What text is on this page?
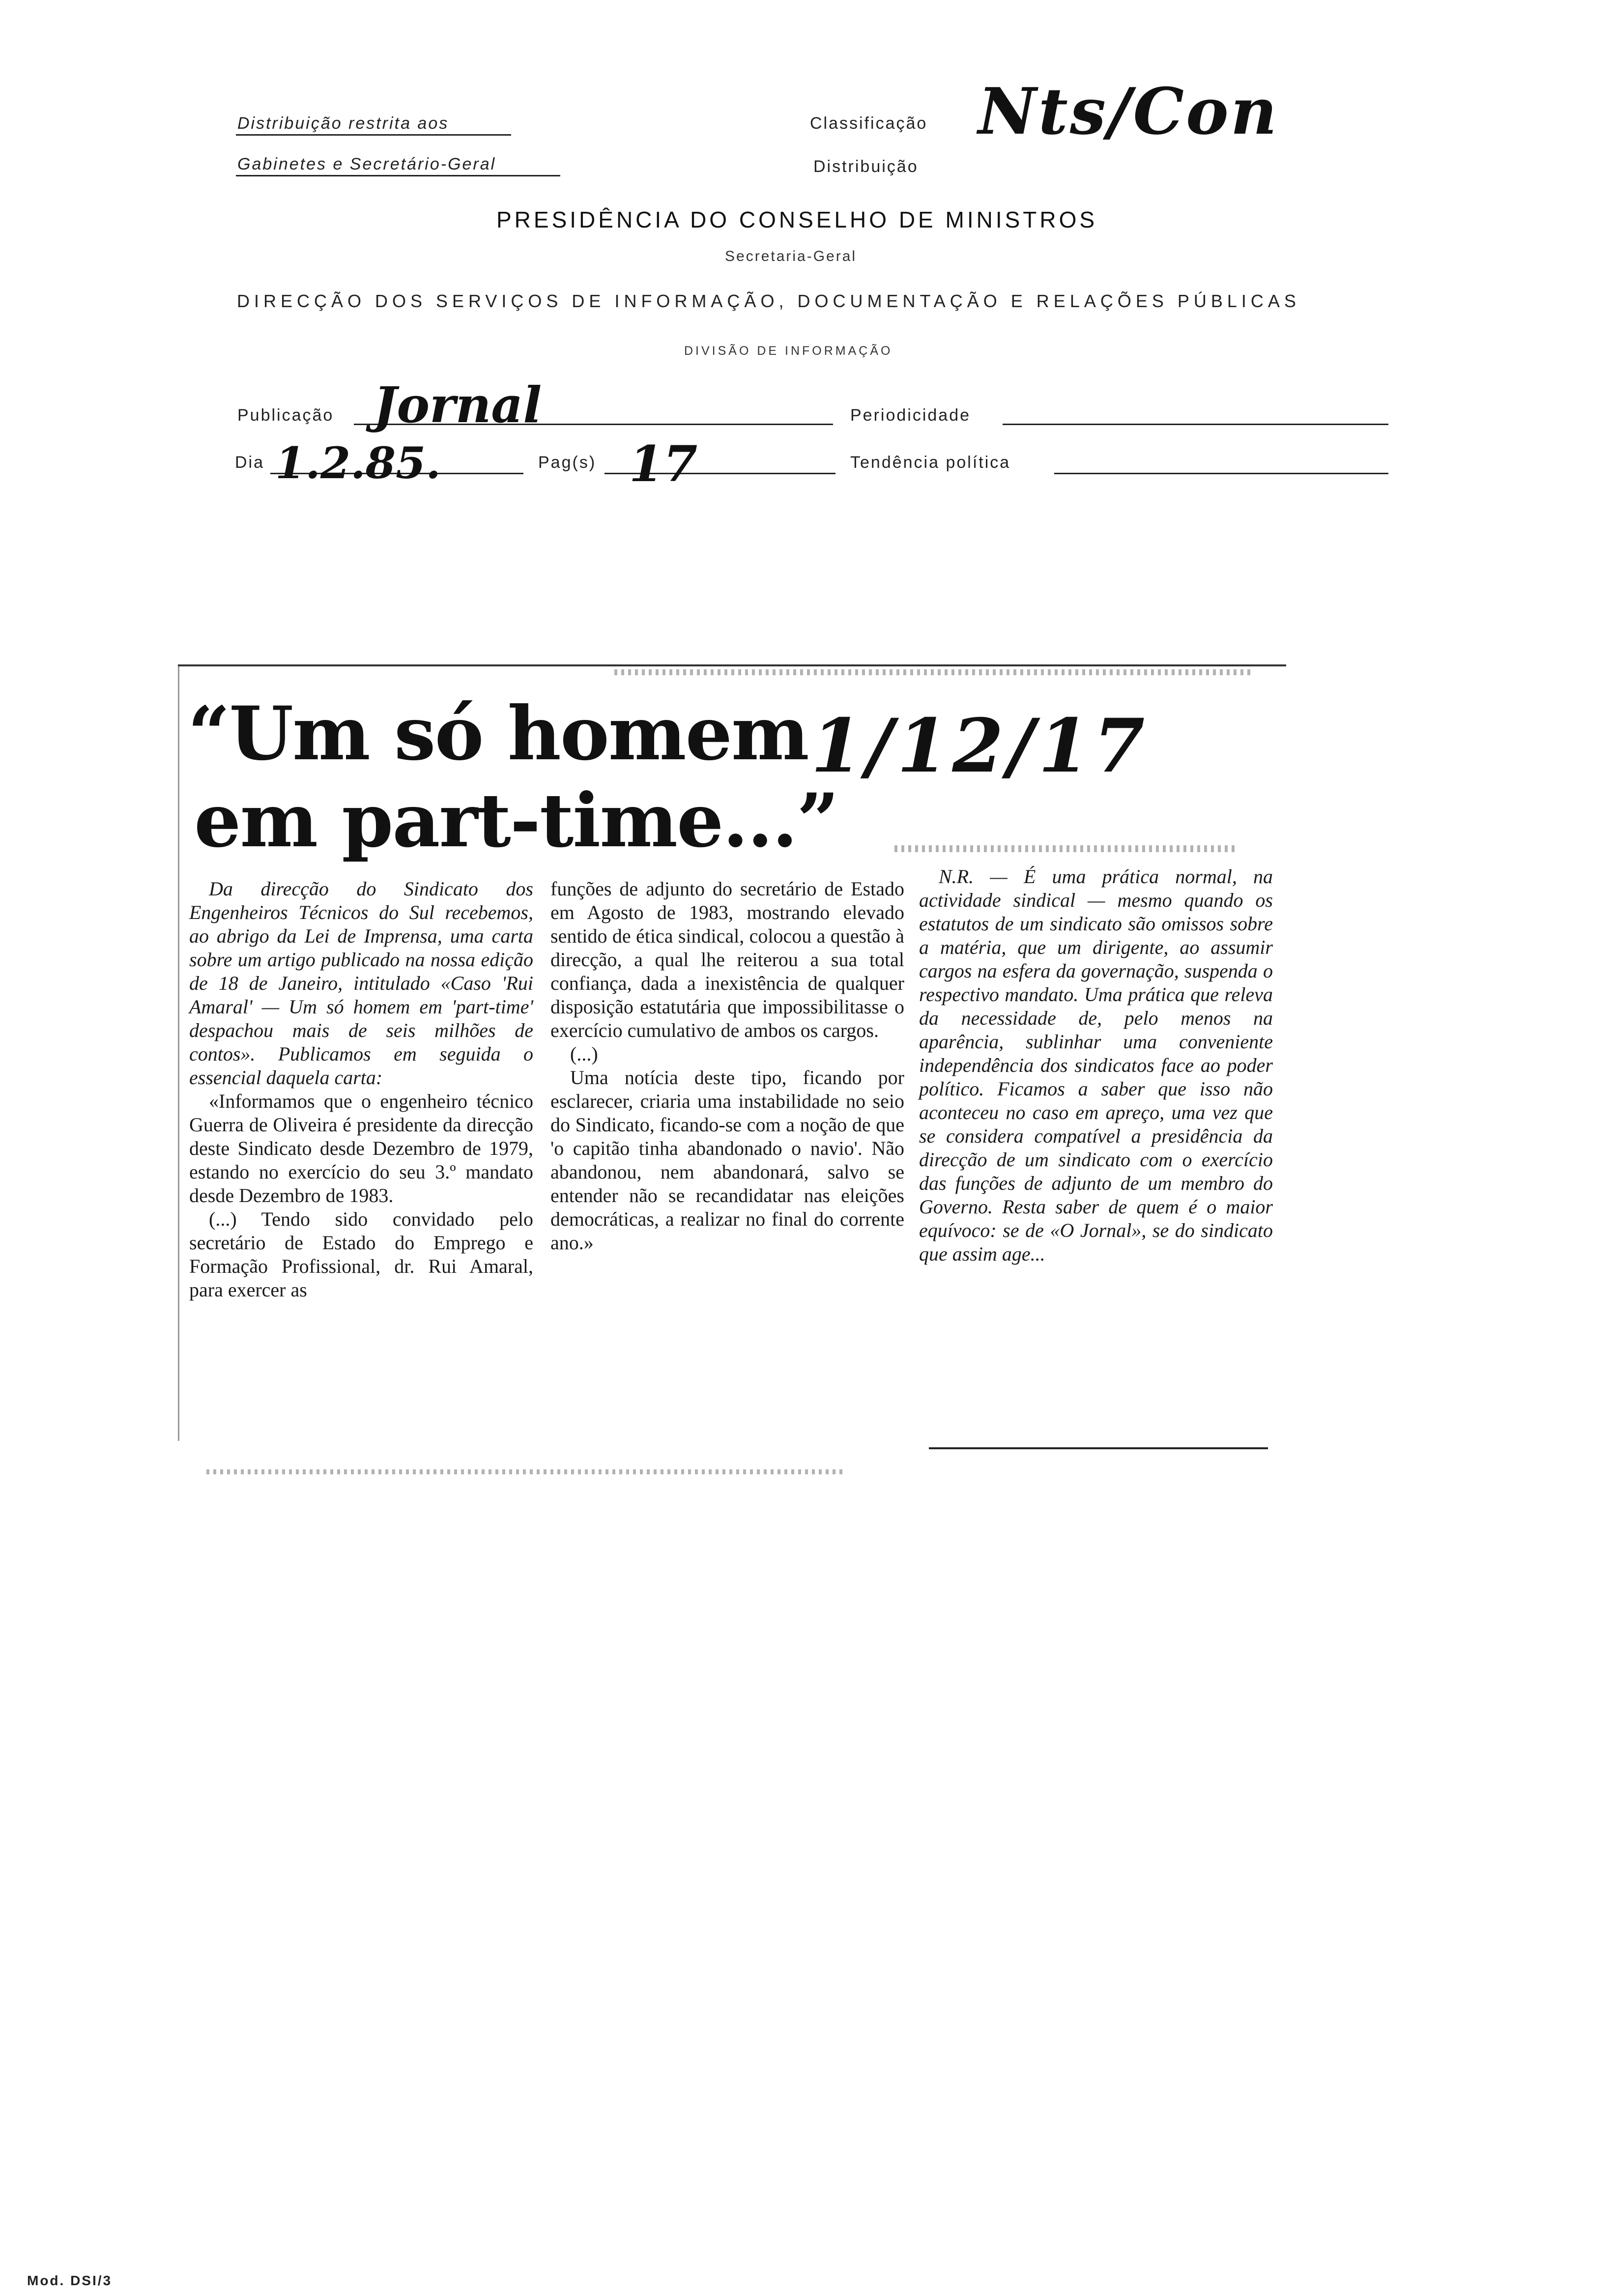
Distribuição restrita aos
Gabinetes e Secretário-Geral
Classificação Nts/Con
Distribuição
PRESIDÊNCIA DO CONSELHO DE MINISTROS
Secretaria-Geral
DIRECÇÃO DOS SERVIÇOS DE INFORMAÇÃO, DOCUMENTAÇÃO E RELAÇÕES PÚBLICAS
DIVISÃO DE INFORMAÇÃO
Publicação Jornal	Periodicidade
Dia 1.2.85.	Pag(s) 17	Tendência política
“Um só homem
em part-time...”
1/12/17

Da direcção do Sindicato dos Engenheiros Técnicos do Sul recebemos, ao abrigo da Lei de Imprensa, uma carta sobre um artigo publicado na nossa edição de 18 de Janeiro, intitulado «Caso 'Rui Amaral' — Um só homem em 'part-time' despachou mais de seis milhões de contos». Publicamos em seguida o essencial daquela carta:

«Informamos que o engenheiro técnico Guerra de Oliveira é presidente da direcção deste Sindicato desde Dezembro de 1979, estando no exercício do seu 3.º mandato desde Dezembro de 1983.

(...) Tendo sido convidado pelo secretário de Estado do Emprego e Formação Profissional, dr. Rui Amaral, para exercer as

funções de adjunto do secretário de Estado em Agosto de 1983, mostrando elevado sentido de ética sindical, colocou a questão à direcção, a qual lhe reiterou a sua total confiança, dada a inexistência de qualquer disposição estatutária que impossibilitasse o exercício cumulativo de ambos os cargos.

(...)

Uma notícia deste tipo, ficando por esclarecer, criaria uma instabilidade no seio do Sindicato, ficando-se com a noção de que 'o capitão tinha abandonado o navio'. Não abandonou, nem abandonará, salvo se entender não se recandidatar nas eleições democráticas, a realizar no final do corrente ano.»

N.R. — É uma prática normal, na actividade sindical — mesmo quando os estatutos de um sindicato são omissos sobre a matéria, que um dirigente, ao assumir cargos na esfera da governação, suspenda o respectivo mandato. Uma prática que releva da necessidade de, pelo menos na aparência, sublinhar uma conveniente independência dos sindicatos face ao poder político. Ficamos a saber que isso não aconteceu no caso em apreço, uma vez que se considera compatível a presidência da direcção de um sindicato com o exercício das funções de adjunto de um membro do Governo. Resta saber de quem é o maior equívoco: se de «O Jornal», se do sindicato que assim age...

Mod. DSI/3
